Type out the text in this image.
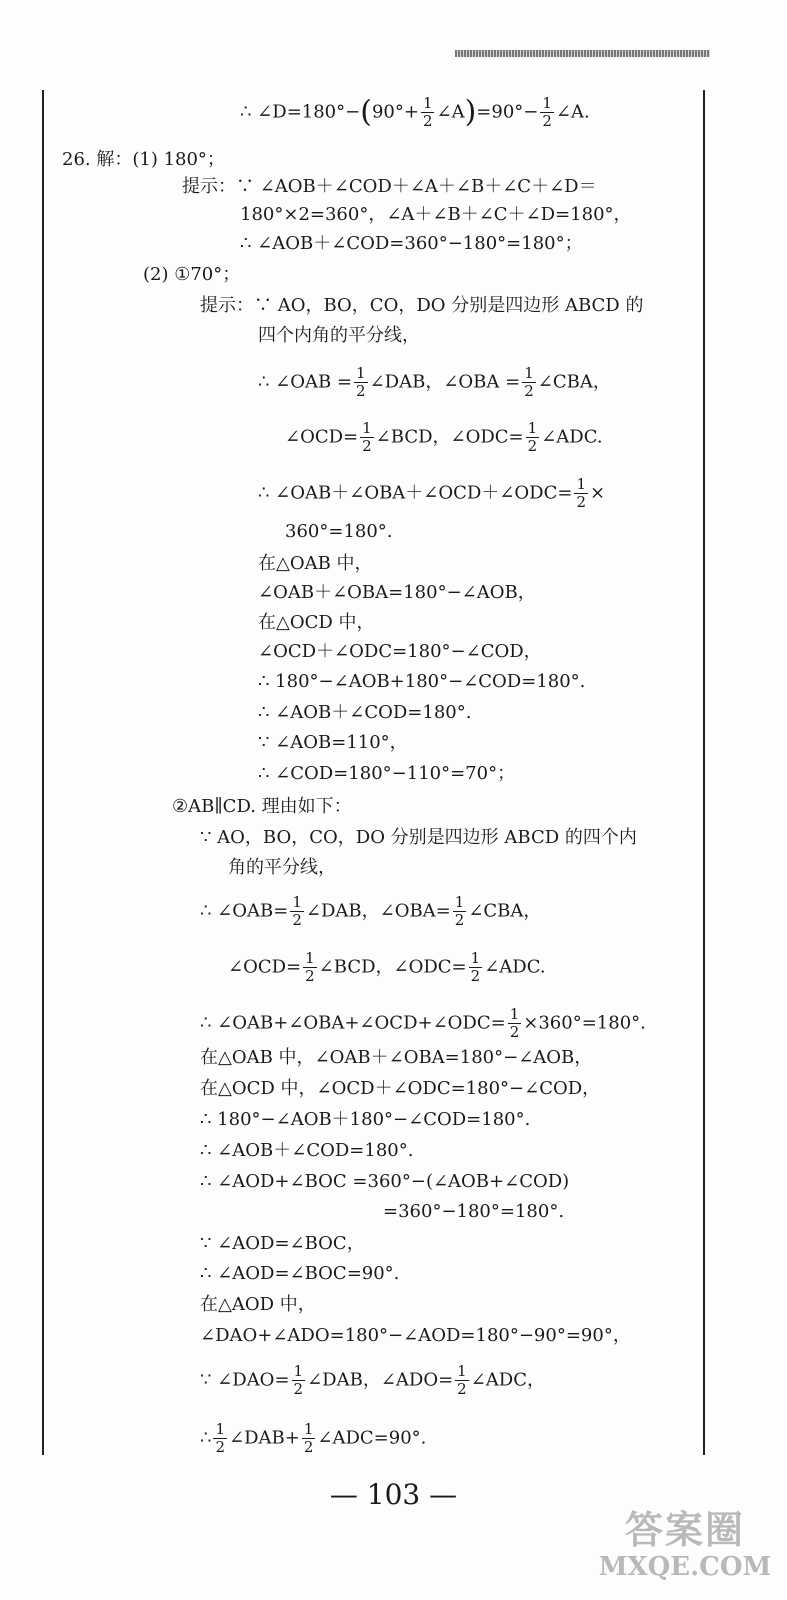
∴ ∠D=180°−(90°+ $\frac{1}{2}$ ∠A)=90°− $\frac{1}{2}$ ∠A.
26. 解：(1) 180°；
提示：∵ ∠AOB＋∠COD＋∠A＋∠B＋∠C＋∠D＝
180°×2=360°，∠A＋∠B＋∠C＋∠D=180°，
∴ ∠AOB＋∠COD=360°−180°=180°；
(2) ①70°；
提示：∵ AO，BO，CO，DO 分别是四边形 ABCD 的
四个内角的平分线，
∴ ∠OAB = $\frac{1}{2}$ ∠DAB，∠OBA = $\frac{1}{2}$ ∠CBA，
∠OCD= $\frac{1}{2}$ ∠BCD，∠ODC= $\frac{1}{2}$ ∠ADC.
∴ ∠OAB＋∠OBA＋∠OCD＋∠ODC= $\frac{1}{2}$ ×
360°=180°.
在△OAB 中，
∠OAB＋∠OBA=180°−∠AOB，
在△OCD 中，
∠OCD＋∠ODC=180°−∠COD，
∴ 180°−∠AOB+180°−∠COD=180°.
∴ ∠AOB＋∠COD=180°.
∵ ∠AOB=110°，
∴ ∠COD=180°−110°=70°；
②AB∥CD. 理由如下：
∵ AO，BO，CO，DO 分别是四边形 ABCD 的四个内
角的平分线，
∴ ∠OAB= $\frac{1}{2}$ ∠DAB，∠OBA= $\frac{1}{2}$ ∠CBA，
∠OCD= $\frac{1}{2}$ ∠BCD，∠ODC= $\frac{1}{2}$ ∠ADC.
∴ ∠OAB+∠OBA+∠OCD+∠ODC= $\frac{1}{2} \times 360^\circ=180^\circ$.
在△OAB 中，∠OAB＋∠OBA=180°−∠AOB，
在△OCD 中，∠OCD＋∠ODC=180°−∠COD，
∴ 180°−∠AOB＋180°−∠COD=180°.
∴ ∠AOB＋∠COD=180°.
∴ ∠AOD+∠BOC =360°−(∠AOB+∠COD)
=360°−180°=180°.
∵ ∠AOD=∠BOC，
∴ ∠AOD=∠BOC=90°.
在△AOD 中，
∠DAO+∠ADO=180°−∠AOD=180°−90°=90°，
∵ ∠DAO= $\frac{1}{2}$ ∠DAB，∠ADO= $\frac{1}{2}$ ∠ADC，
∴ $\frac{1}{2}$ ∠DAB+ $\frac{1}{2}$ ∠ADC=90°.
— 103 —
答案圈
MXQE.COM
